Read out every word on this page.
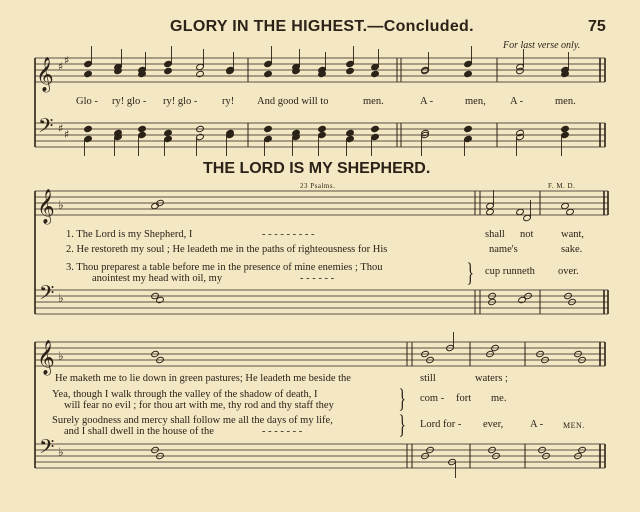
GLORY IN THE HIGHEST.—Concluded.	75
For last verse only.
𝄞
𝄢
♯ ♯
♯ ♯
𝄞
𝄢
♭
♭
𝄞
𝄢
♭
♭
Glo - ry! glo - ry! glo - ry! And good will to	men.	A -	men, A -	men.
THE LORD IS MY SHEPHERD.
23 Psalms.	F. M. D.
1. The Lord is my Shepherd, I	- - - - - - - - -	shall not	want,
2. He restoreth my soul ; He leadeth me in the paths of righteousness for His	name's	sake.
3. Thou preparest a table before me in the presence of mine enemies ; Thou
anointest my head with oil, my	- - - - - -	} cup runneth over.
He maketh me to lie down in green pastures; He leadeth me beside the	still	waters ;
Yea, though I walk through the valley of the shadow of death, I
will fear no evil ; for thou art with me, thy rod and thy staff they } com - fort me.
Surely goodness and mercy shall follow me all the days of my life,
and I shall dwell in the house of the	- - - - - - -	} Lord for - ever,	A - MEN.
